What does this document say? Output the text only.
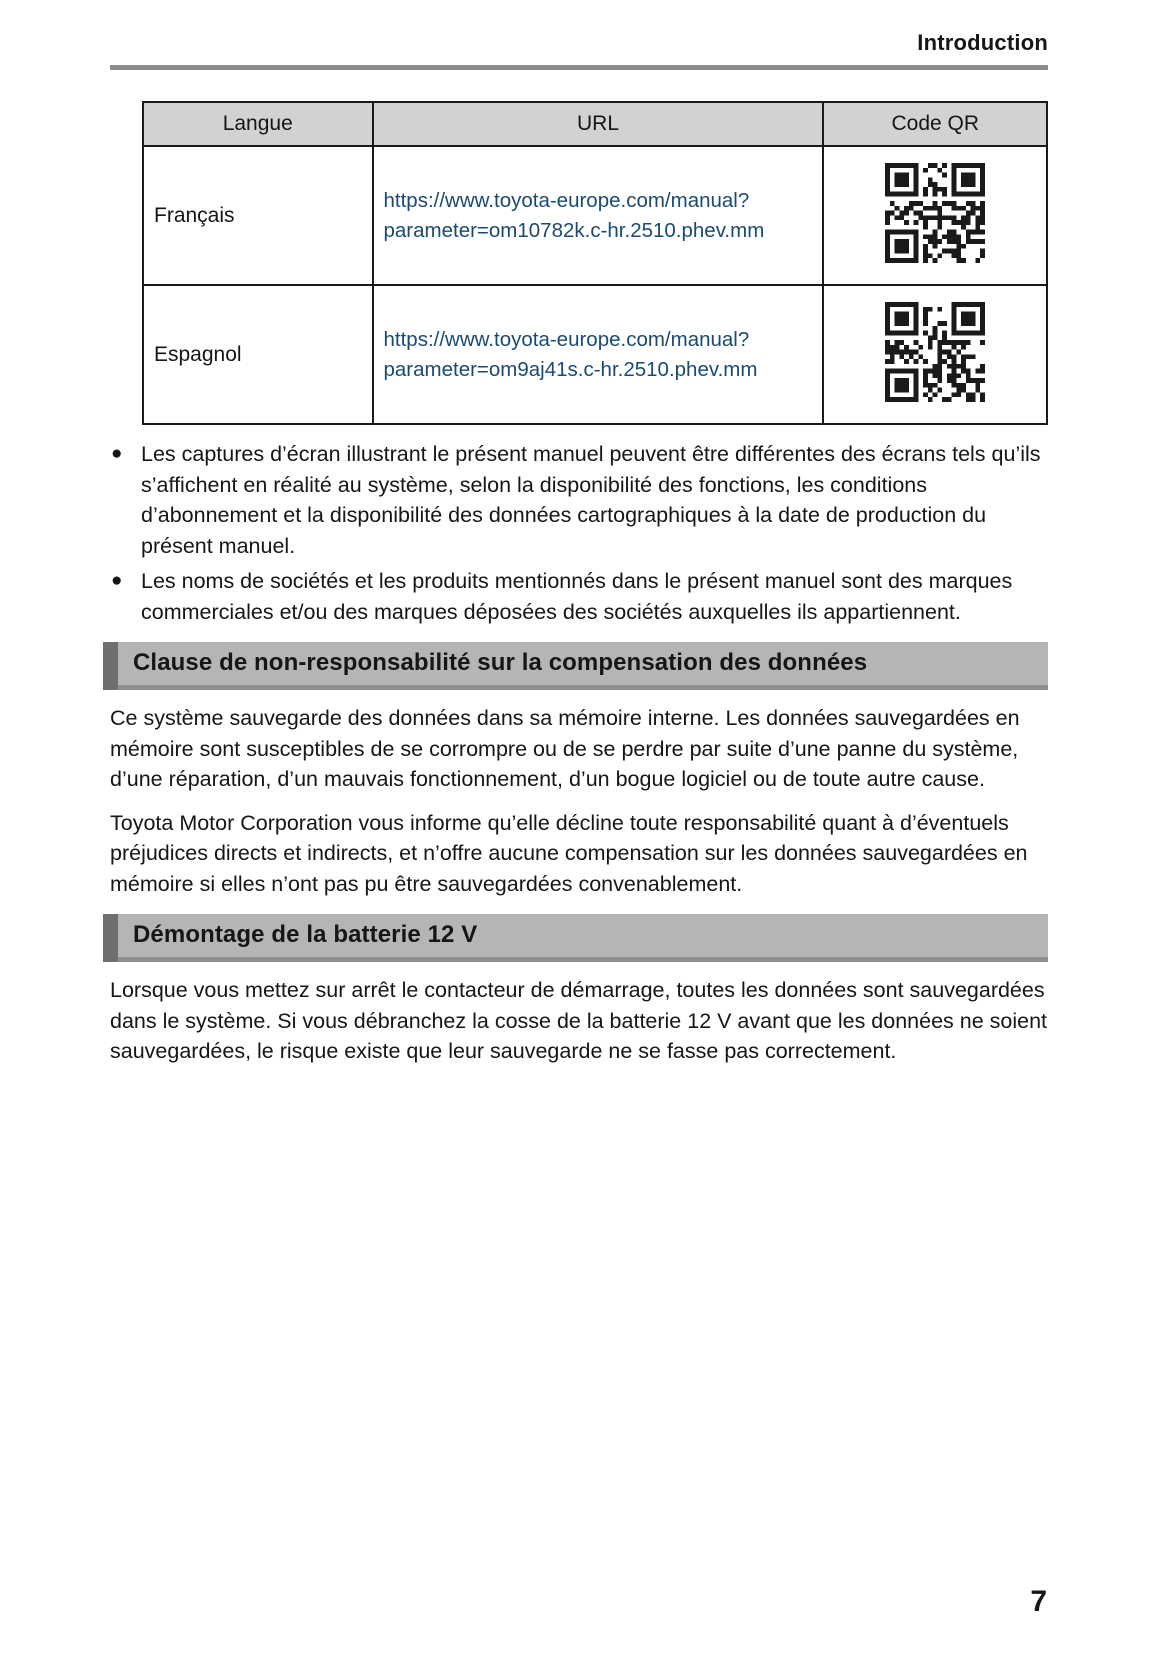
Introduction
Langue	URL	Code QR
Français	https://www.toyota-europe.com/manual?
parameter=om10782k.c-hr.2510.phev.mm

Espagnol	https://www.toyota-europe.com/manual?
parameter=om9aj41s.c-hr.2510.phev.mm

● Les captures d’écran illustrant le présent manuel peuvent être différentes des écrans tels qu’ils s’affichent en réalité au système, selon la disponibilité des fonctions, les conditions d’abonnement et la disponibilité des données cartographiques à la date de production du présent manuel.
● Les noms de sociétés et les produits mentionnés dans le présent manuel sont des marques commerciales et/ou des marques déposées des sociétés auxquelles ils appartiennent.
Clause de non-responsabilité sur la compensation des données

Ce système sauvegarde des données dans sa mémoire interne. Les données sauvegardées en mémoire sont susceptibles de se corrompre ou de se perdre par suite d’une panne du système, d’une réparation, d’un mauvais fonctionnement, d’un bogue logiciel ou de toute autre cause.

Toyota Motor Corporation vous informe qu’elle décline toute responsabilité quant à d’éventuels préjudices directs et indirects, et n’offre aucune compensation sur les données sauvegardées en mémoire si elles n’ont pas pu être sauvegardées convenablement.

Démontage de la batterie 12 V

Lorsque vous mettez sur arrêt le contacteur de démarrage, toutes les données sont sauvegardées dans le système. Si vous débranchez la cosse de la batterie 12 V avant que les données ne soient sauvegardées, le risque existe que leur sauvegarde ne se fasse pas correctement.

7
